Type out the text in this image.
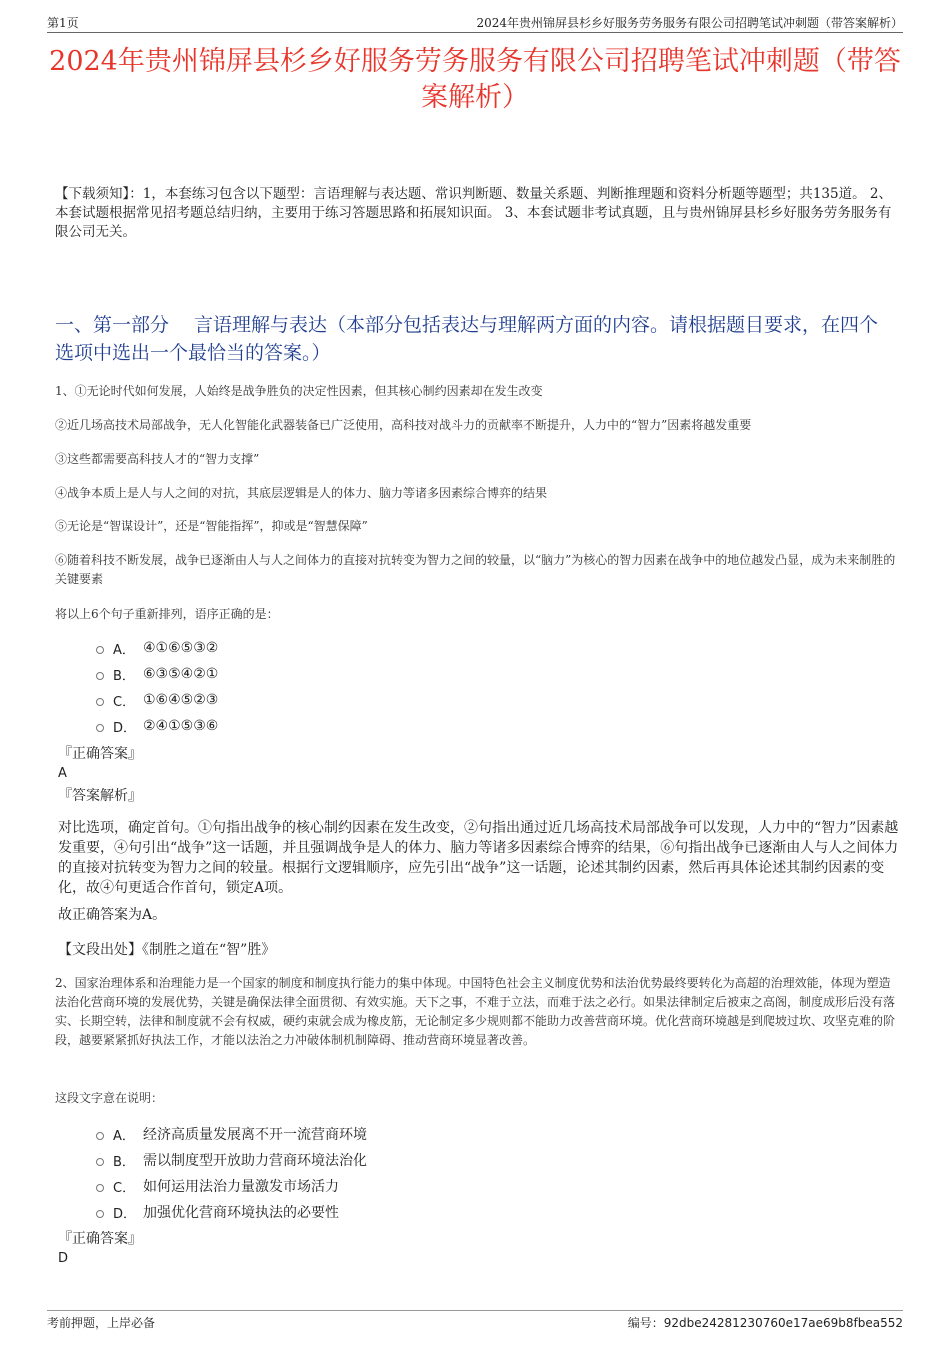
第1页	2024年贵州锦屏县杉乡好服务劳务服务有限公司招聘笔试冲刺题（带答案解析）
2024年贵州锦屏县杉乡好服务劳务服务有限公司招聘笔试冲刺题（带答案解析）
【下载须知】：1，本套练习包含以下题型：言语理解与表达题、常识判断题、数量关系题、判断推理题和资料分析题等题型；共135道。 2、本套试题根据常见招考题总结归纳，主要用于练习答题思路和拓展知识面。 3、本套试题非考试真题，且与贵州锦屏县杉乡好服务劳务服务有限公司无关。
一、第一部分　 言语理解与表达（本部分包括表达与理解两方面的内容。请根据题目要求，在四个选项中选出一个最恰当的答案。）

1、①无论时代如何发展，人始终是战争胜负的决定性因素，但其核心制约因素却在发生改变

②近几场高技术局部战争，无人化智能化武器装备已广泛使用，高科技对战斗力的贡献率不断提升，人力中的“智力”因素将越发重要

③这些都需要高科技人才的“智力支撑”

④战争本质上是人与人之间的对抗，其底层逻辑是人的体力、脑力等诸多因素综合博弈的结果

⑤无论是“智谋设计”，还是“智能指挥”，抑或是“智慧保障”

⑥随着科技不断发展，战争已逐渐由人与人之间体力的直接对抗转变为智力之间的较量，以“脑力”为核心的智力因素在战争中的地位越发凸显，成为未来制胜的关键要素

将以上6个句子重新排列，语序正确的是：

A． ④①⑥⑤③②
B． ⑥③⑤④②①
C． ①⑥④⑤②③
D． ②④①⑤③⑥
『正确答案』
A
『答案解析』

对比选项，确定首句。①句指出战争的核心制约因素在发生改变，②句指出通过近几场高技术局部战争可以发现，人力中的“智力”因素越发重要，④句引出“战争”这一话题，并且强调战争是人的体力、脑力等诸多因素综合博弈的结果，⑥句指出战争已逐渐由人与人之间体力的直接对抗转变为智力之间的较量。根据行文逻辑顺序，应先引出“战争”这一话题，论述其制约因素，然后再具体论述其制约因素的变化，故④句更适合作首句，锁定A项。

故正确答案为A。

【文段出处】《制胜之道在“智”胜》

2、国家治理体系和治理能力是一个国家的制度和制度执行能力的集中体现。中国特色社会主义制度优势和法治优势最终要转化为高超的治理效能，体现为塑造法治化营商环境的发展优势，关键是确保法律全面贯彻、有效实施。天下之事，不难于立法，而难于法之必行。如果法律制定后被束之高阁，制度成形后没有落实、长期空转，法律和制度就不会有权威，硬约束就会成为橡皮筋，无论制定多少规则都不能助力改善营商环境。优化营商环境越是到爬坡过坎、攻坚克难的阶段，越要紧紧抓好执法工作，才能以法治之力冲破体制机制障碍、推动营商环境显著改善。

这段文字意在说明：

A． 经济高质量发展离不开一流营商环境
B． 需以制度型开放助力营商环境法治化
C． 如何运用法治力量激发市场活力
D． 加强优化营商环境执法的必要性
『正确答案』
D
考前押题，上岸必备	编号：92dbe24281230760e17ae69b8fbea552
